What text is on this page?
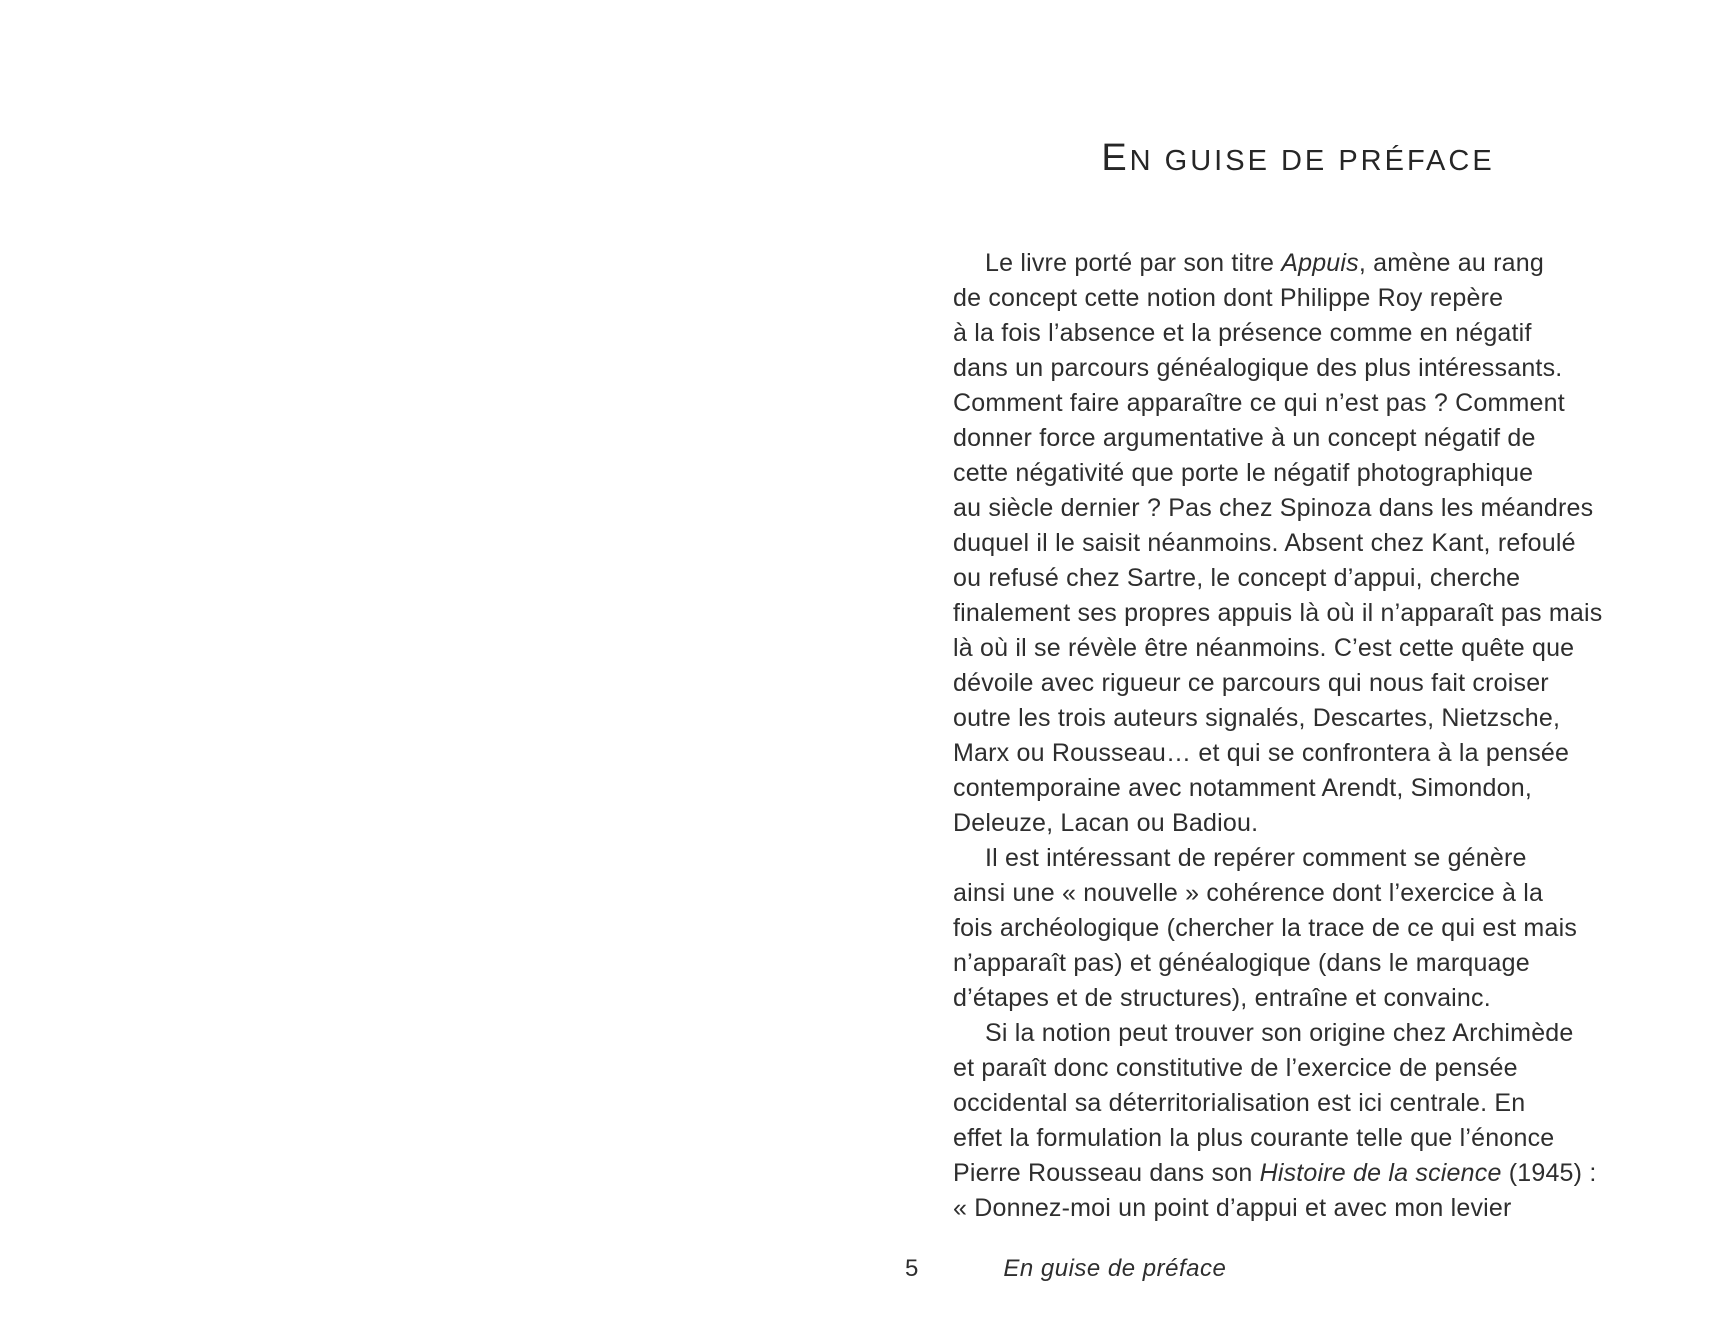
EN GUISE DE PRÉFACE
Le livre porté par son titre Appuis, amène au rang
de concept cette notion dont Philippe Roy repère
à la fois l’absence et la présence comme en négatif
dans un parcours généalogique des plus intéressants.
Comment faire apparaître ce qui n’est pas ? Comment
donner force argumentative à un concept négatif de
cette négativité que porte le négatif photographique
au siècle dernier ? Pas chez Spinoza dans les méandres
duquel il le saisit néanmoins. Absent chez Kant, refoulé
ou refusé chez Sartre, le concept d’appui, cherche
finalement ses propres appuis là où il n’apparaît pas mais
là où il se révèle être néanmoins. C’est cette quête que
dévoile avec rigueur ce parcours qui nous fait croiser
outre les trois auteurs signalés, Descartes, Nietzsche,
Marx ou Rousseau… et qui se confrontera à la pensée
contemporaine avec notamment Arendt, Simondon,
Deleuze, Lacan ou Badiou.
Il est intéressant de repérer comment se génère
ainsi une « nouvelle » cohérence dont l’exercice à la
fois archéologique (chercher la trace de ce qui est mais
n’apparaît pas) et généalogique (dans le marquage
d’étapes et de structures), entraîne et convainc.
Si la notion peut trouver son origine chez Archimède
et paraît donc constitutive de l’exercice de pensée
occidental sa déterritorialisation est ici centrale. En
effet la formulation la plus courante telle que l’énonce
Pierre Rousseau dans son Histoire de la science (1945) :
« Donnez-moi un point d’appui et avec mon levier
5	En guise de préface
